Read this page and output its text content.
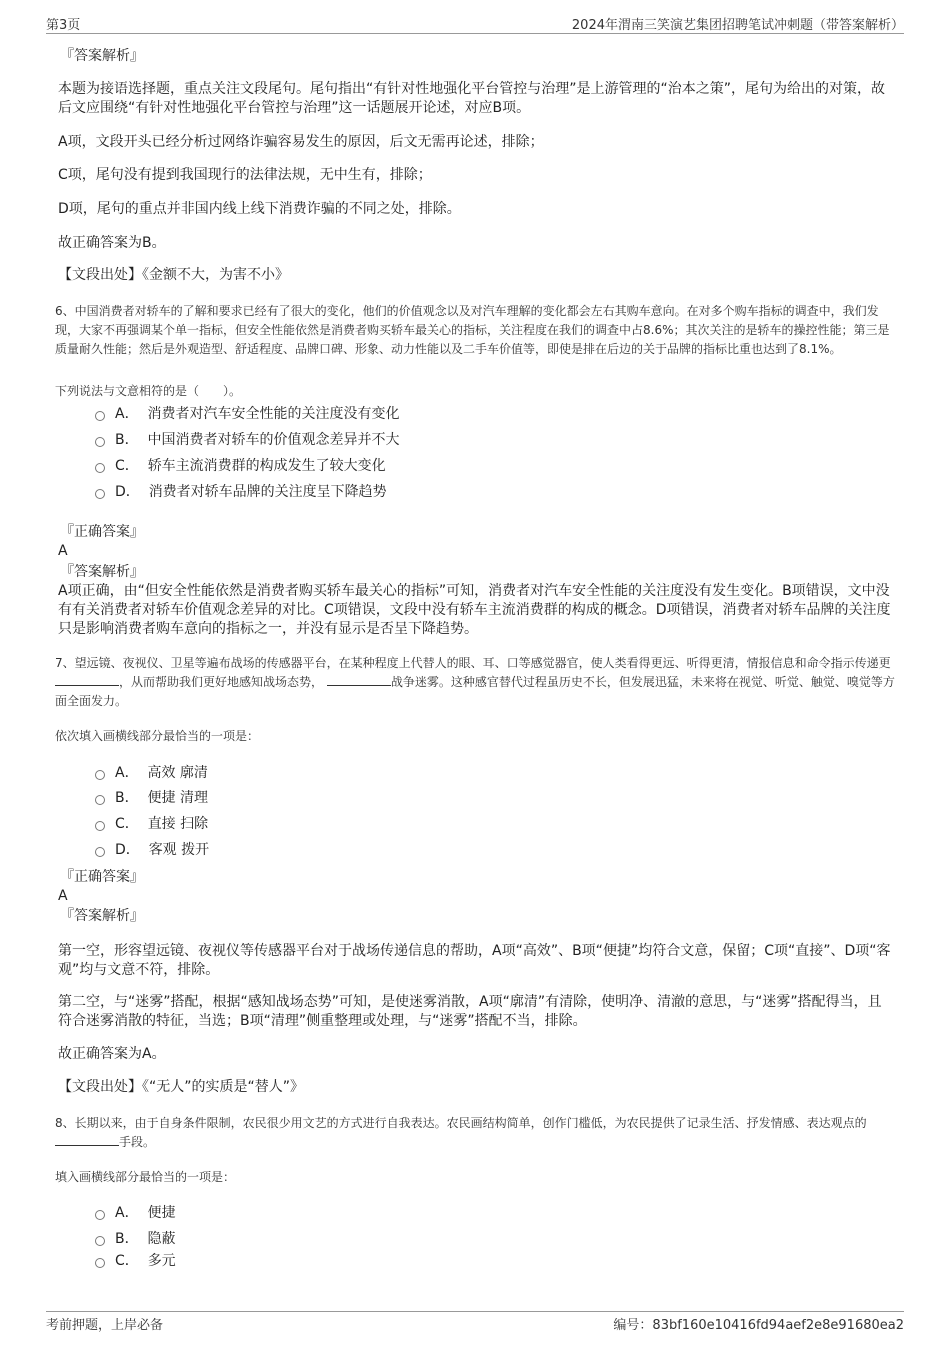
第3页	2024年渭南三笑演艺集团招聘笔试冲刺题（带答案解析）
『答案解析』
本题为接语选择题，重点关注文段尾句。尾句指出“有针对性地强化平台管控与治理”是上游管理的“治本之策”，尾句为给出的对策，故后文应围绕“有针对性地强化平台管控与治理”这一话题展开论述，对应B项。
A项，文段开头已经分析过网络诈骗容易发生的原因，后文无需再论述，排除；
C项，尾句没有提到我国现行的法律法规，无中生有，排除；
D项，尾句的重点并非国内线上线下消费诈骗的不同之处，排除。
故正确答案为B。
【文段出处】《金额不大，为害不小》
6、中国消费者对轿车的了解和要求已经有了很大的变化，他们的价值观念以及对汽车理解的变化都会左右其购车意向。在对多个购车指标的调查中，我们发现，大家不再强调某个单一指标，但安全性能依然是消费者购买轿车最关心的指标，关注程度在我们的调查中占8.6%；其次关注的是轿车的操控性能；第三是质量耐久性能；然后是外观造型、舒适程度、品牌口碑、形象、动力性能以及二手车价值等，即使是排在后边的关于品牌的指标比重也达到了8.1%。
下列说法与文意相符的是（　　）。
A． 消费者对汽车安全性能的关注度没有变化
B． 中国消费者对轿车的价值观念差异并不大
C． 轿车主流消费群的构成发生了较大变化
D． 消费者对轿车品牌的关注度呈下降趋势
『正确答案』
A
『答案解析』
A项正确，由“但安全性能依然是消费者购买轿车最关心的指标”可知，消费者对汽车安全性能的关注度没有发生变化。B项错误，文中没有有关消费者对轿车价值观念差异的对比。C项错误，文段中没有轿车主流消费群的构成的概念。D项错误，消费者对轿车品牌的关注度只是影响消费者购车意向的指标之一，并没有显示是否呈下降趋势。
7、望远镜、夜视仪、卫星等遍布战场的传感器平台，在某种程度上代替人的眼、耳、口等感觉器官，使人类看得更远、听得更清，情报信息和命令指示传递更，从而帮助我们更好地感知战场态势，	战争迷雾。这种感官替代过程虽历史不长，但发展迅猛，未来将在视觉、听觉、触觉、嗅觉等方面全面发力。
依次填入画横线部分最恰当的一项是：
A． 高效 廓清
B． 便捷 清理
C． 直接 扫除
D． 客观 拨开
『正确答案』
A
『答案解析』
第一空，形容望远镜、夜视仪等传感器平台对于战场传递信息的帮助，A项“高效”、B项“便捷”均符合文意，保留；C项“直接”、D项“客观”均与文意不符，排除。
第二空，与“迷雾”搭配，根据“感知战场态势”可知，是使迷雾消散，A项“廓清”有清除，使明净、清澈的意思，与“迷雾”搭配得当，且符合迷雾消散的特征，当选；B项“清理”侧重整理或处理，与“迷雾”搭配不当，排除。
故正确答案为A。
【文段出处】《“无人”的实质是“替人”》
8、长期以来，由于自身条件限制，农民很少用文艺的方式进行自我表达。农民画结构简单，创作门槛低，为农民提供了记录生活、抒发情感、表达观点的手段。
填入画横线部分最恰当的一项是：
A． 便捷
B． 隐蔽
C． 多元
考前押题，上岸必备	编号：83bf160e10416fd94aef2e8e91680ea2
